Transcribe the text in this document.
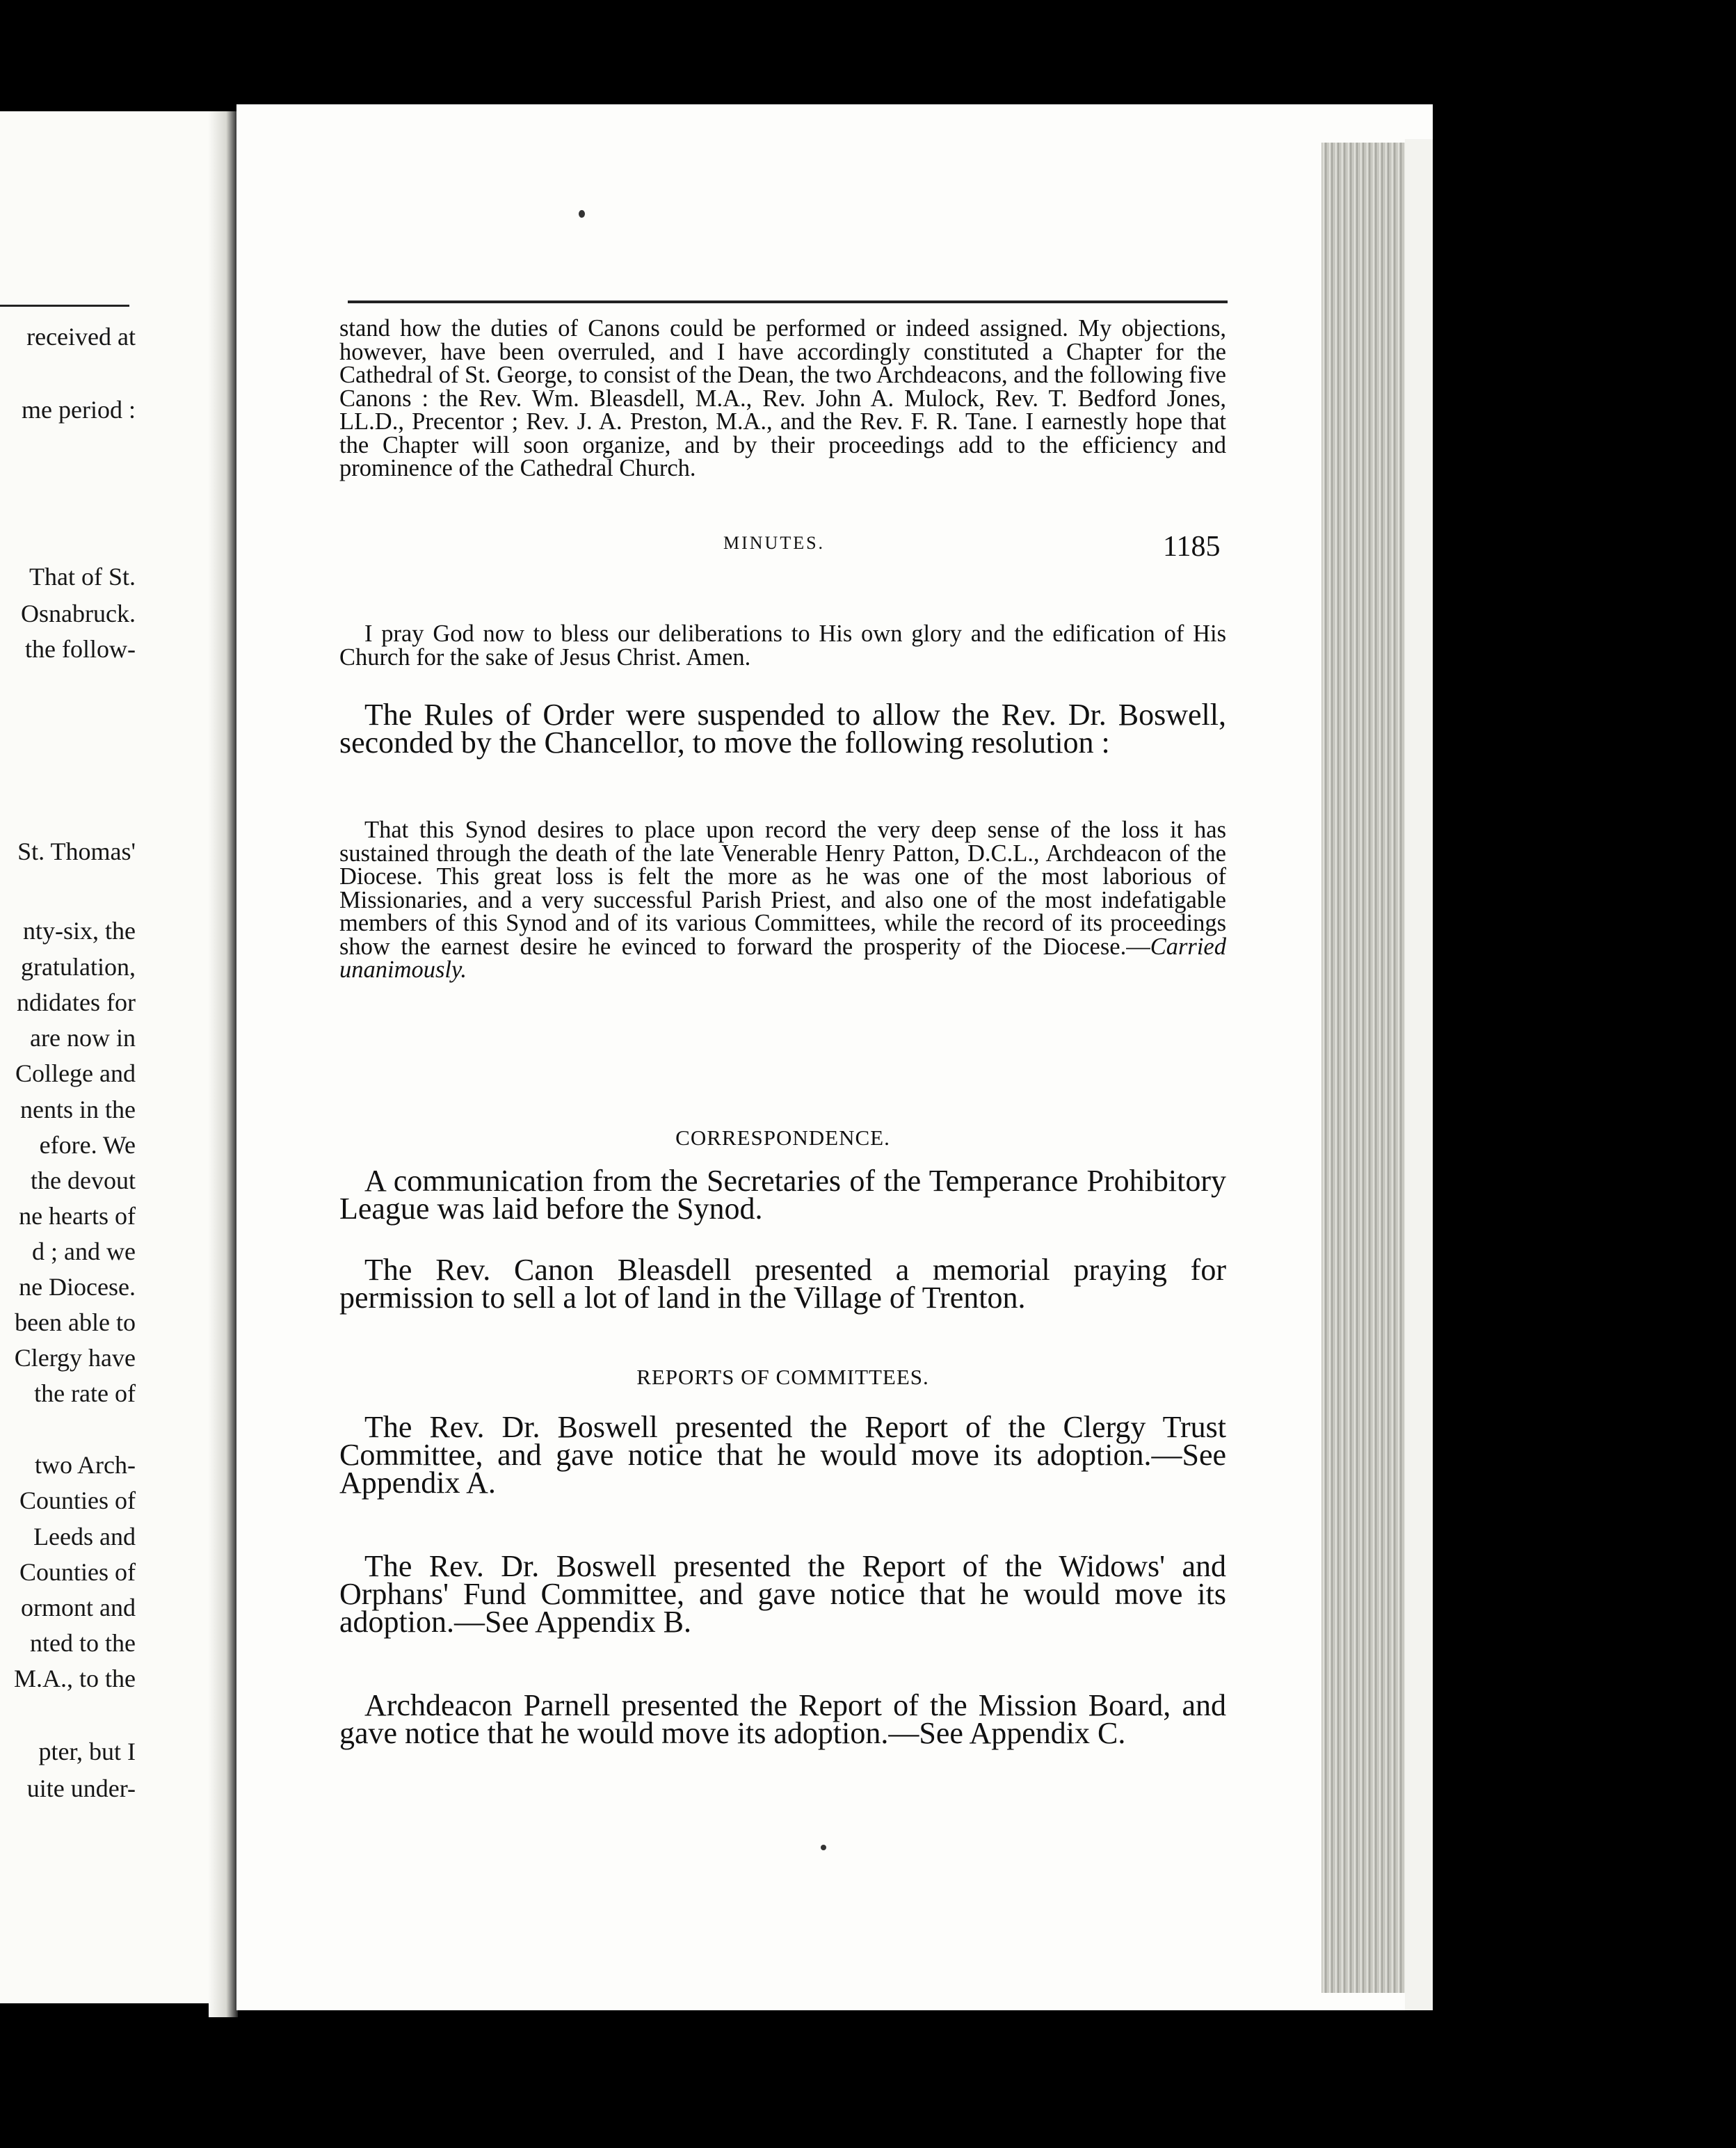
received at
me period :
That of St.
Osnabruck.
the follow-
St. Thomas'
nty-six, the
gratulation,
ndidates for
are now in
College and
nents in the
efore. We
the devout
ne hearts of
d ; and we
ne Diocese.
been able to
Clergy have
the rate of
two Arch-
Counties of
Leeds and
Counties of
ormont and
nted to the
M.A., to the
pter, but I
uite under-
MINUTES.	1185

stand how the duties of Canons could be performed or indeed assigned. My objections, however, have been overruled, and I have accordingly constituted a Chapter for the Cathedral of St. George, to consist of the Dean, the two Archdeacons, and the following five Canons : the Rev. Wm. Bleasdell, M.A., Rev. John A. Mulock, Rev. T. Bedford Jones, LL.D., Precentor ; Rev. J. A. Preston, M.A., and the Rev. F. R. Tane. I earnestly hope that the Chapter will soon organize, and by their proceedings add to the efficiency and prominence of the Cathedral Church.

I pray God now to bless our deliberations to His own glory and the edification of His Church for the sake of Jesus Christ. Amen.

The Rules of Order were suspended to allow the Rev. Dr. Boswell, seconded by the Chancellor, to move the following resolution :

That this Synod desires to place upon record the very deep sense of the loss it has sustained through the death of the late Venerable Henry Patton, D.C.L., Archdeacon of the Diocese. This great loss is felt the more as he was one of the most laborious of Missionaries, and a very successful Parish Priest, and also one of the most indefatigable members of this Synod and of its various Committees, while the record of its proceedings show the earnest desire he evinced to forward the prosperity of the Diocese.—Carried unanimously.

CORRESPONDENCE.

A communication from the Secretaries of the Temperance Prohibitory League was laid before the Synod.

The Rev. Canon Bleasdell presented a memorial praying for permission to sell a lot of land in the Village of Trenton.

REPORTS OF COMMITTEES.

The Rev. Dr. Boswell presented the Report of the Clergy Trust Committee, and gave notice that he would move its adoption.—See Appendix A.

The Rev. Dr. Boswell presented the Report of the Widows' and Orphans' Fund Committee, and gave notice that he would move its adoption.—See Appendix B.

Archdeacon Parnell presented the Report of the Mission Board, and gave notice that he would move its adoption.—See Appendix C.
